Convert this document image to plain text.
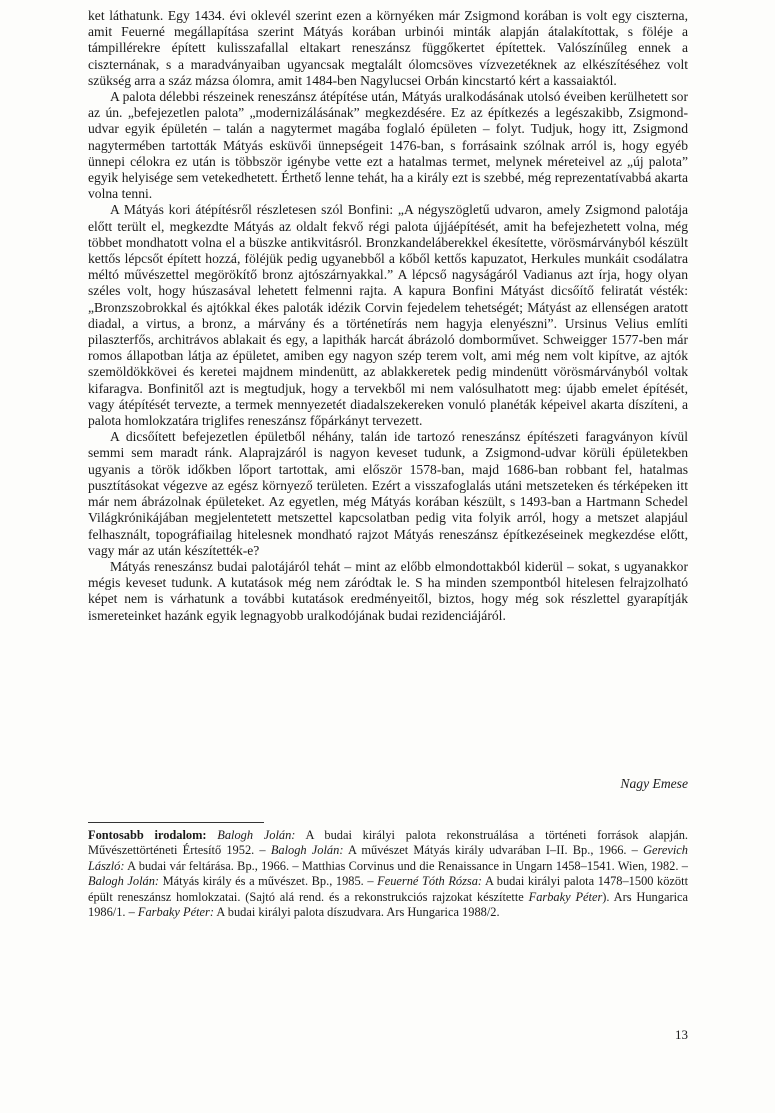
ket láthatunk. Egy 1434. évi oklevél szerint ezen a környéken már Zsigmond korában is volt egy ciszterna, amit Feuerné megállapítása szerint Mátyás korában urbinói minták alapján átalakítottak, s föléje a támpillérekre épített kulisszafallal eltakart reneszánsz függőkertet építettek. Valószínűleg ennek a ciszternának, s a maradványaiban ugyancsak megtalált ólomcsöves vízvezetéknek az elkészítéséhez volt szükség arra a száz mázsa ólomra, amit 1484-ben Nagylucsei Orbán kincstartó kért a kassaiaktól.

A palota délebbi részeinek reneszánsz átépítése után, Mátyás uralkodásának utolsó éveiben kerülhetett sor az ún. „befejezetlen palota” „modernizálásának” megkezdésére. Ez az építkezés a legészakibb, Zsigmond-udvar egyik épületén – talán a nagytermet magába foglaló épületen – folyt. Tudjuk, hogy itt, Zsigmond nagytermében tartották Mátyás esküvői ünnepségeit 1476-ban, s forrásaink szólnak arról is, hogy egyéb ünnepi célokra ez után is többször igénybe vette ezt a hatalmas termet, melynek méreteivel az „új palota” egyik helyisége sem vetekedhetett. Érthető lenne tehát, ha a király ezt is szebbé, még reprezentatívabbá akarta volna tenni.

A Mátyás kori átépítésről részletesen szól Bonfini: „A négyszögletű udvaron, amely Zsigmond palotája előtt terült el, megkezdte Mátyás az oldalt fekvő régi palota újjáépítését, amit ha befejezhetett volna, még többet mondhatott volna el a büszke antikvitásról. Bronzkandeláberekkel ékesítette, vörösmárványból készült kettős lépcsőt épített hozzá, föléjük pedig ugyanebből a kőből kettős kapuzatot, Herkules munkáit csodálatra méltó művészettel megörökítő bronz ajtószárnyakkal.” A lépcső nagyságáról Vadianus azt írja, hogy olyan széles volt, hogy húszasával lehetett felmenni rajta. A kapura Bonfini Mátyást dicsőítő feliratát vésték: „Bronzszobrokkal és ajtókkal ékes paloták idézik Corvin fejedelem tehetségét; Mátyást az ellenségen aratott diadal, a virtus, a bronz, a márvány és a történetírás nem hagyja elenyészni”. Ursinus Velius említi pilaszterfős, architrávos ablakait és egy, a lapithák harcát ábrázoló domborművet. Schweigger 1577-ben már romos állapotban látja az épületet, amiben egy nagyon szép terem volt, ami még nem volt kipítve, az ajtók szemöldökkövei és keretei majdnem mindenütt, az ablakkeretek pedig mindenütt vörösmárványból voltak kifaragva. Bonfinitől azt is megtudjuk, hogy a tervekből mi nem valósulhatott meg: újabb emelet építését, vagy átépítését tervezte, a termek mennyezetét diadalszekereken vonuló planéták képeivel akarta díszíteni, a palota homlokzatára triglifes reneszánsz főpárkányt tervezett.

A dicsőített befejezetlen épületből néhány, talán ide tartozó reneszánsz építészeti faragványon kívül semmi sem maradt ránk. Alaprajzáról is nagyon keveset tudunk, a Zsigmond-udvar körüli épületekben ugyanis a török időkben lőport tartottak, ami először 1578-ban, majd 1686-ban robbant fel, hatalmas pusztításokat végezve az egész környező területen. Ezért a visszafoglalás utáni metszeteken és térképeken itt már nem ábrázolnak épületeket. Az egyetlen, még Mátyás korában készült, s 1493-ban a Hartmann Schedel Világkrónikájában megjelentetett metszettel kapcsolatban pedig vita folyik arról, hogy a metszet alapjául felhasznált, topográfiailag hitelesnek mondható rajzot Mátyás reneszánsz építkezéseinek megkezdése előtt, vagy már az után készítették-e?

Mátyás reneszánsz budai palotájáról tehát – mint az előbb elmondottakból kiderül – sokat, s ugyanakkor mégis keveset tudunk. A kutatások még nem záródtak le. S ha minden szempontból hitelesen felrajzolható képet nem is várhatunk a további kutatások eredményeitől, biztos, hogy még sok részlettel gyarapítják ismereteinket hazánk egyik legnagyobb uralkodójának budai rezidenciájáról.

Nagy Emese
Fontosabb irodalom: Balogh Jolán: A budai királyi palota rekonstruálása a történeti források alapján. Művészettörténeti Értesítő 1952. – Balogh Jolán: A művészet Mátyás király udvarában I–II. Bp., 1966. – Gerevich László: A budai vár feltárása. Bp., 1966. – Matthias Corvinus und die Renaissance in Ungarn 1458–1541. Wien, 1982. – Balogh Jolán: Mátyás király és a művészet. Bp., 1985. – Feuerné Tóth Rózsa: A budai királyi palota 1478–1500 között épült reneszánsz homlokzatai. (Sajtó alá rend. és a rekonstrukciós rajzokat készítette Farbaky Péter). Ars Hungarica 1986/1. – Farbaky Péter: A budai királyi palota díszudvara. Ars Hungarica 1988/2.
13
